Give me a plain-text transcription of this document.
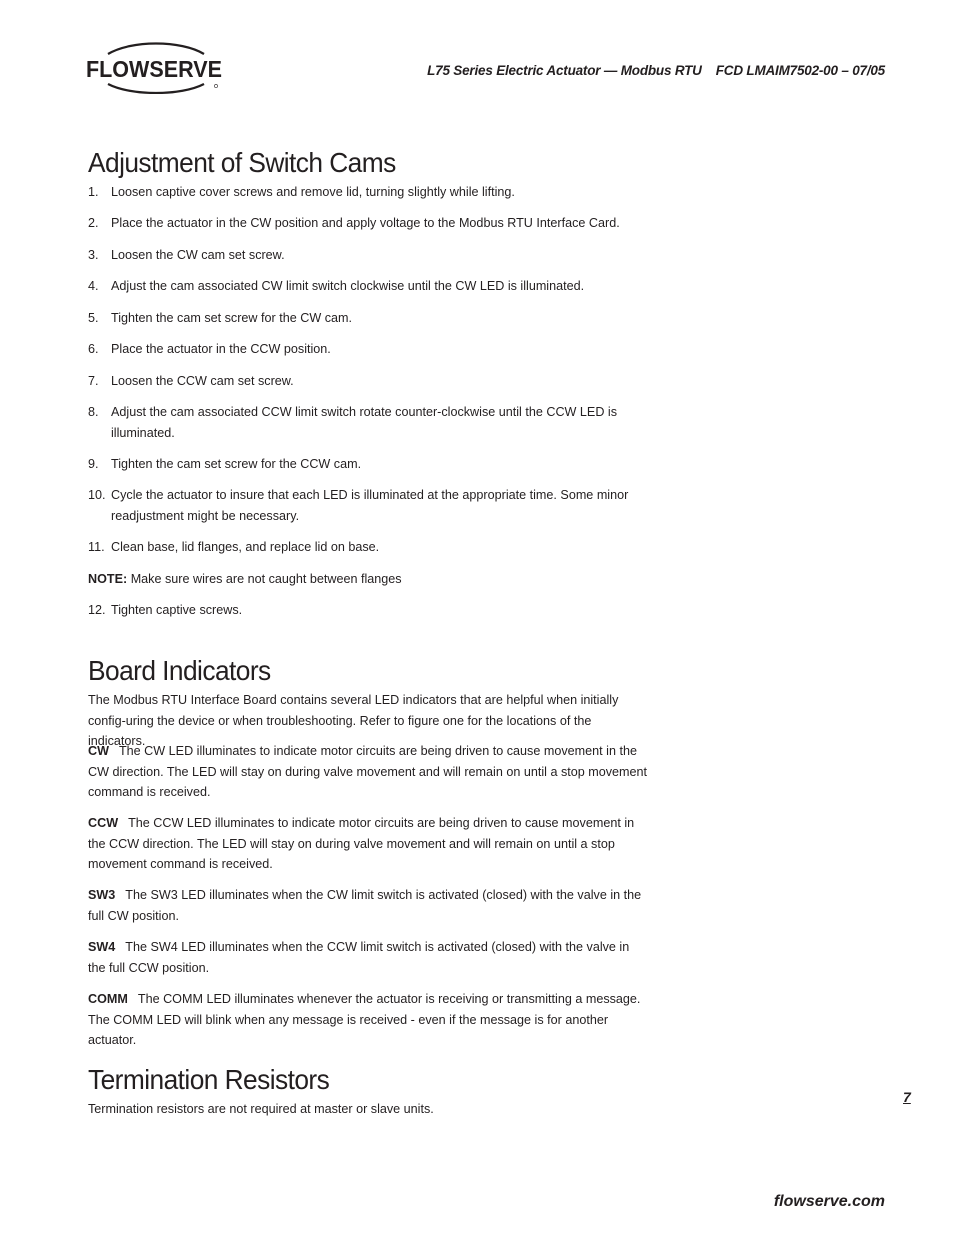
FLOWSERVE	L75 Series Electric Actuator — Modbus RTU FCD LMAIM7502-00 – 07/05
Adjustment of Switch Cams
1. Loosen captive cover screws and remove lid, turning slightly while lifting.
2. Place the actuator in the CW position and apply voltage to the Modbus RTU Interface Card.
3. Loosen the CW cam set screw.
4. Adjust the cam associated CW limit switch clockwise until the CW LED is illuminated.
5. Tighten the cam set screw for the CW cam.
6. Place the actuator in the CCW position.
7. Loosen the CCW cam set screw.
8. Adjust the cam associated CCW limit switch rotate counter-clockwise until the CCW LED is illuminated.
9. Tighten the cam set screw for the CCW cam.
10. Cycle the actuator to insure that each LED is illuminated at the appropriate time. Some minor readjustment might be necessary.
11. Clean base, lid flanges, and replace lid on base.
NOTE: Make sure wires are not caught between flanges
12. Tighten captive screws.
Board Indicators
The Modbus RTU Interface Board contains several LED indicators that are helpful when initially config-uring the device or when troubleshooting. Refer to figure one for the locations of the indicators.
CW The CW LED illuminates to indicate motor circuits are being driven to cause movement in the CW direction. The LED will stay on during valve movement and will remain on until a stop movement command is received.
CCW The CCW LED illuminates to indicate motor circuits are being driven to cause movement in the CCW direction. The LED will stay on during valve movement and will remain on until a stop movement command is received.
SW3 The SW3 LED illuminates when the CW limit switch is activated (closed) with the valve in the full CW position.
SW4 The SW4 LED illuminates when the CCW limit switch is activated (closed) with the valve in the full CCW position.
COMM The COMM LED illuminates whenever the actuator is receiving or transmitting a message. The COMM LED will blink when any message is received - even if the message is for another actuator.
Termination Resistors
Termination resistors are not required at master or slave units.
7
flowserve.com
